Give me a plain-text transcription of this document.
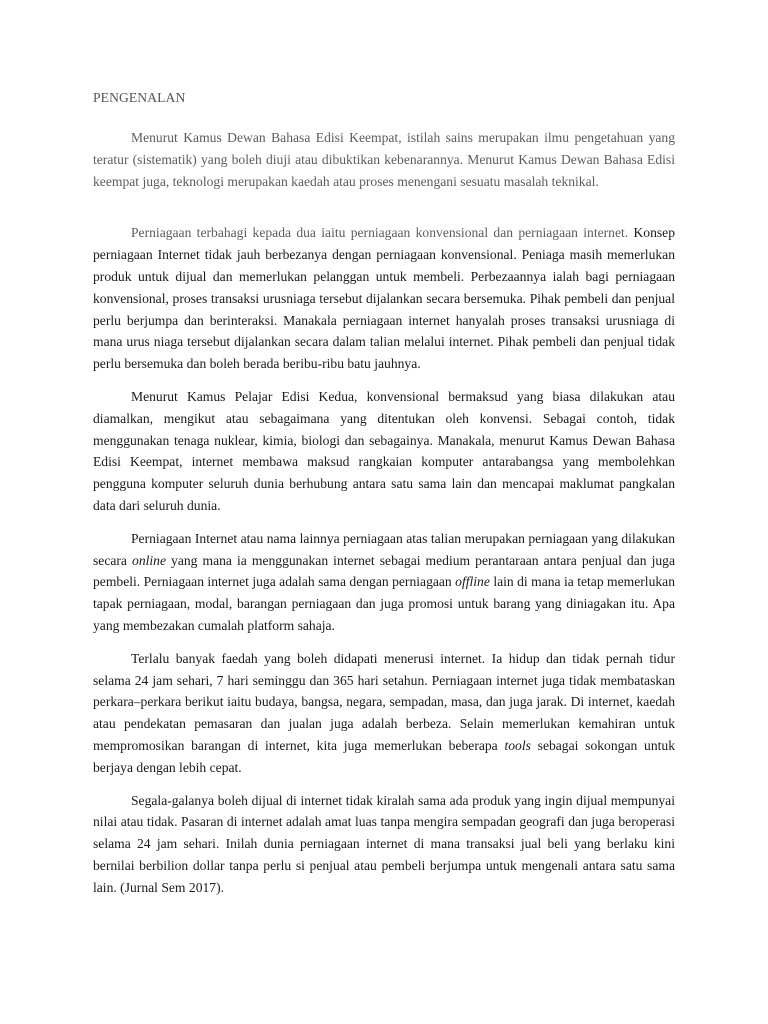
PENGENALAN

Menurut Kamus Dewan Bahasa Edisi Keempat, istilah sains merupakan ilmu pengetahuan yang teratur (sistematik) yang boleh diuji atau dibuktikan kebenarannya. Menurut Kamus Dewan Bahasa Edisi keempat juga, teknologi merupakan kaedah atau proses menengani sesuatu masalah teknikal.

Perniagaan terbahagi kepada dua iaitu perniagaan konvensional dan perniagaan internet. Konsep perniagaan Internet tidak jauh berbezanya dengan perniagaan konvensional. Peniaga masih memerlukan produk untuk dijual dan memerlukan pelanggan untuk membeli. Perbezaannya ialah bagi perniagaan konvensional, proses transaksi urusniaga tersebut dijalankan secara bersemuka. Pihak pembeli dan penjual perlu berjumpa dan berinteraksi. Manakala perniagaan internet hanyalah proses transaksi urusniaga di mana urus niaga tersebut dijalankan secara dalam talian melalui internet. Pihak pembeli dan penjual tidak perlu bersemuka dan boleh berada beribu-ribu batu jauhnya.

Menurut Kamus Pelajar Edisi Kedua, konvensional bermaksud yang biasa dilakukan atau diamalkan, mengikut atau sebagaimana yang ditentukan oleh konvensi. Sebagai contoh, tidak menggunakan tenaga nuklear, kimia, biologi dan sebagainya. Manakala, menurut Kamus Dewan Bahasa Edisi Keempat, internet membawa maksud rangkaian komputer antarabangsa yang membolehkan pengguna komputer seluruh dunia berhubung antara satu sama lain dan mencapai maklumat pangkalan data dari seluruh dunia.

Perniagaan Internet atau nama lainnya perniagaan atas talian merupakan perniagaan yang dilakukan secara online yang mana ia menggunakan internet sebagai medium perantaraan antara penjual dan juga pembeli. Perniagaan internet juga adalah sama dengan perniagaan offline lain di mana ia tetap memerlukan tapak perniagaan, modal, barangan perniagaan dan juga promosi untuk barang yang diniagakan itu. Apa yang membezakan cumalah platform sahaja.

Terlalu banyak faedah yang boleh didapati menerusi internet. Ia hidup dan tidak pernah tidur selama 24 jam sehari, 7 hari seminggu dan 365 hari setahun. Perniagaan internet juga tidak membataskan perkara–perkara berikut iaitu budaya, bangsa, negara, sempadan, masa, dan juga jarak. Di internet, kaedah atau pendekatan pemasaran dan jualan juga adalah berbeza. Selain memerlukan kemahiran untuk mempromosikan barangan di internet, kita juga memerlukan beberapa tools sebagai sokongan untuk berjaya dengan lebih cepat.

Segala-galanya boleh dijual di internet tidak kiralah sama ada produk yang ingin dijual mempunyai nilai atau tidak. Pasaran di internet adalah amat luas tanpa mengira sempadan geografi dan juga beroperasi selama 24 jam sehari. Inilah dunia perniagaan internet di mana transaksi jual beli yang berlaku kini bernilai berbilion dollar tanpa perlu si penjual atau pembeli berjumpa untuk mengenali antara satu sama lain. (Jurnal Sem 2017).
